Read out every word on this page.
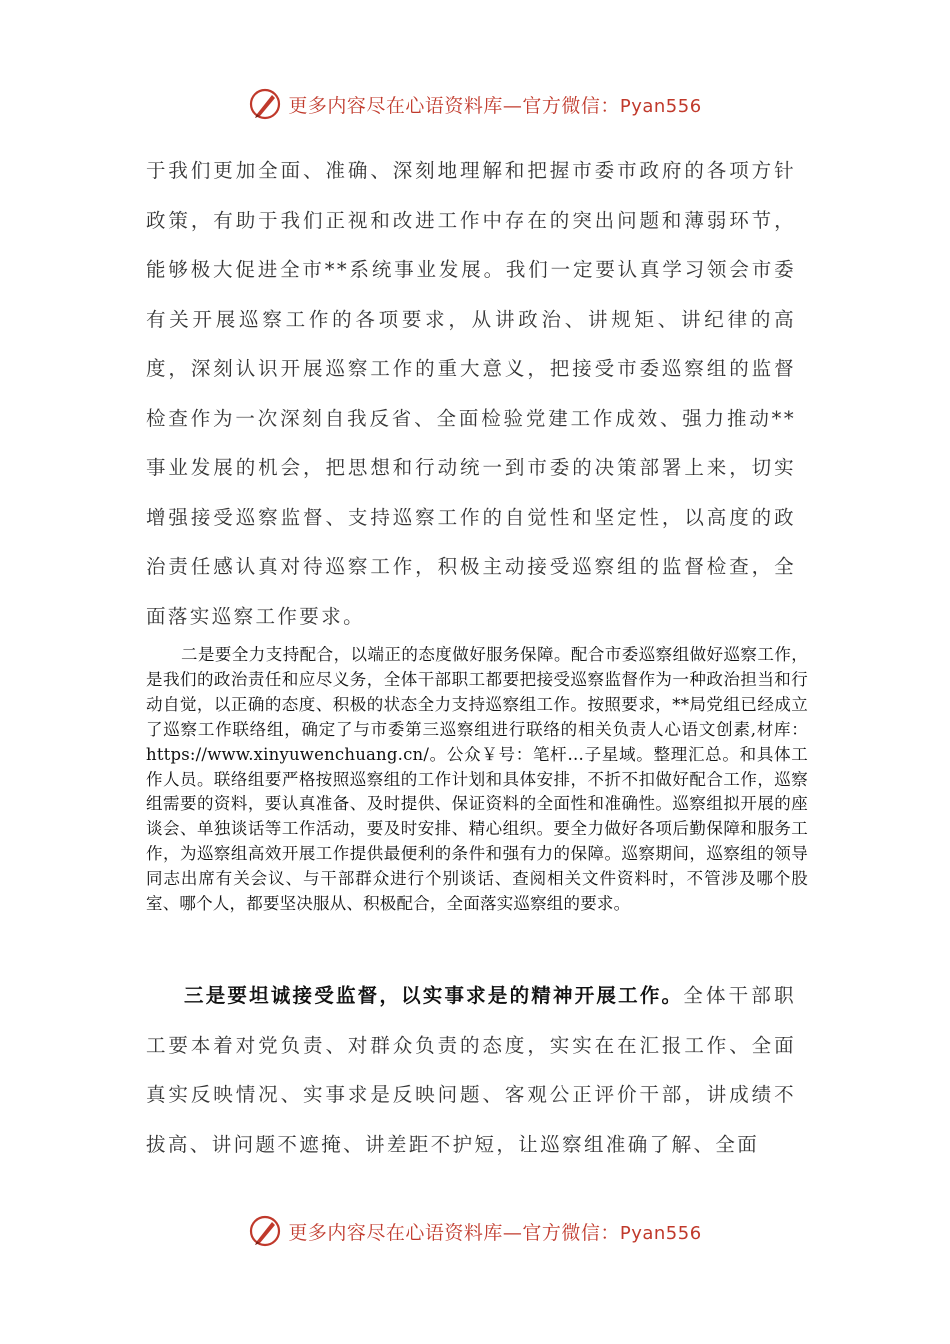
更多内容尽在心语资料库—官方微信：Pyan556

于我们更加全面、准确、深刻地理解和把握市委市政府的各项方针政策，有助于我们正视和改进工作中存在的突出问题和薄弱环节，能够极大促进全市**系统事业发展。我们一定要认真学习领会市委有关开展巡察工作的各项要求，从讲政治、讲规矩、讲纪律的高度，深刻认识开展巡察工作的重大意义，把接受市委巡察组的监督检查作为一次深刻自我反省、全面检验党建工作成效、强力推动**事业发展的机会，把思想和行动统一到市委的决策部署上来，切实增强接受巡察监督、支持巡察工作的自觉性和坚定性，以高度的政治责任感认真对待巡察工作，积极主动接受巡察组的监督检查，全面落实巡察工作要求。

二是要全力支持配合，以端正的态度做好服务保障。配合市委巡察组做好巡察工作，是我们的政治责任和应尽义务，全体干部职工都要把接受巡察监督作为一种政治担当和行动自觉，以正确的态度、积极的状态全力支持巡察组工作。按照要求，**局党组已经成立了巡察工作联络组，确定了与市委第三巡察组进行联络的相关负责人心语文创素,材库：https://www.xinyuwenchuang.cn/。公众￥号：笔杆…子星域。整理汇总。和具体工作人员。联络组要严格按照巡察组的工作计划和具体安排，不折不扣做好配合工作，巡察组需要的资料，要认真准备、及时提供、保证资料的全面性和准确性。巡察组拟开展的座谈会、单独谈话等工作活动，要及时安排、精心组织。要全力做好各项后勤保障和服务工作，为巡察组高效开展工作提供最便利的条件和强有力的保障。巡察期间，巡察组的领导同志出席有关会议、与干部群众进行个别谈话、查阅相关文件资料时，不管涉及哪个股室、哪个人，都要坚决服从、积极配合，全面落实巡察组的要求。

三是要坦诚接受监督，以实事求是的精神开展工作。全体干部职工要本着对党负责、对群众负责的态度，实实在在汇报工作、全面真实反映情况、实事求是反映问题、客观公正评价干部，讲成绩不拔高、讲问题不遮掩、讲差距不护短，让巡察组准确了解、全面

更多内容尽在心语资料库—官方微信：Pyan556
